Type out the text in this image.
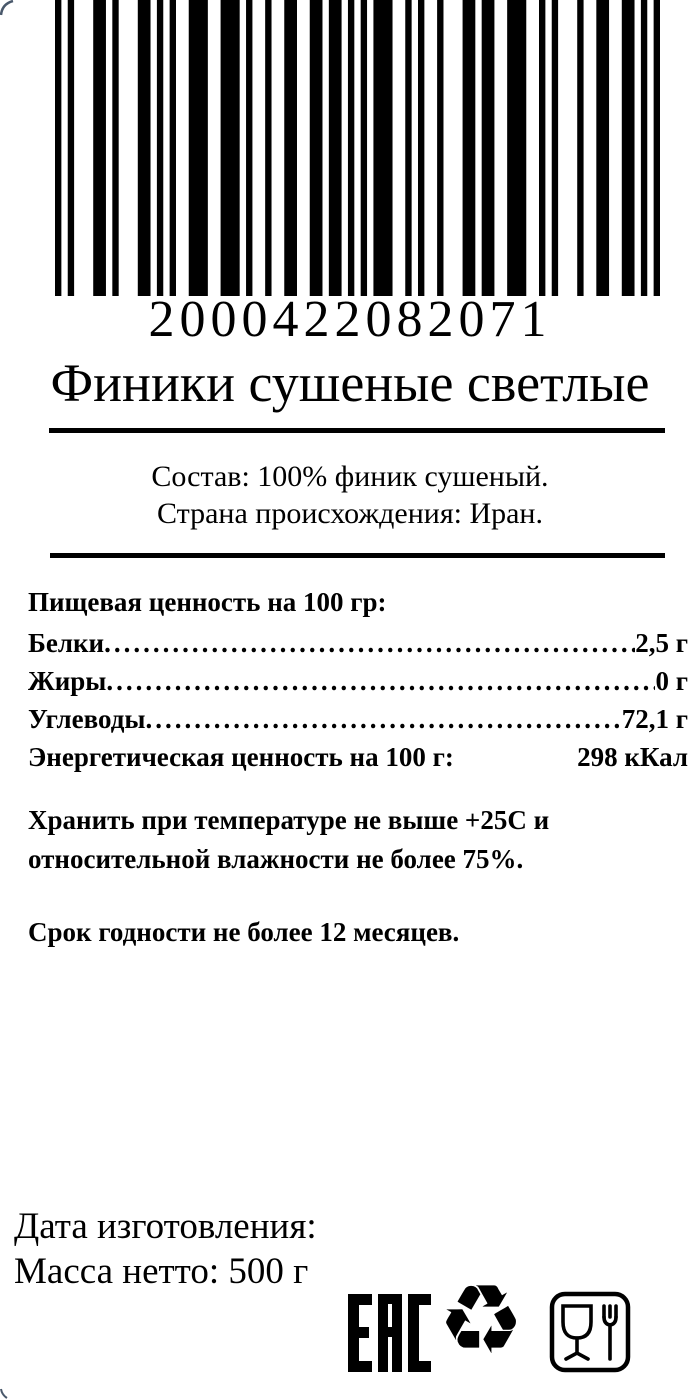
2000422082071
Финики сушеные светлые
Состав: 100% финик сушеный.
Страна происхождения: Иран.
Пищевая ценность на 100 гр:
Белки .....	2,5 г
Жиры .....	0 г
Углеводы .....	72,1 г
Энергетическая ценность на 100 г:	298 кКал
Хранить при температуре не выше +25С и
относительной влажности не более 75%.
Срок годности не более 12 месяцев.
Дата изготовления:
Масса нетто: 500 г ♻
